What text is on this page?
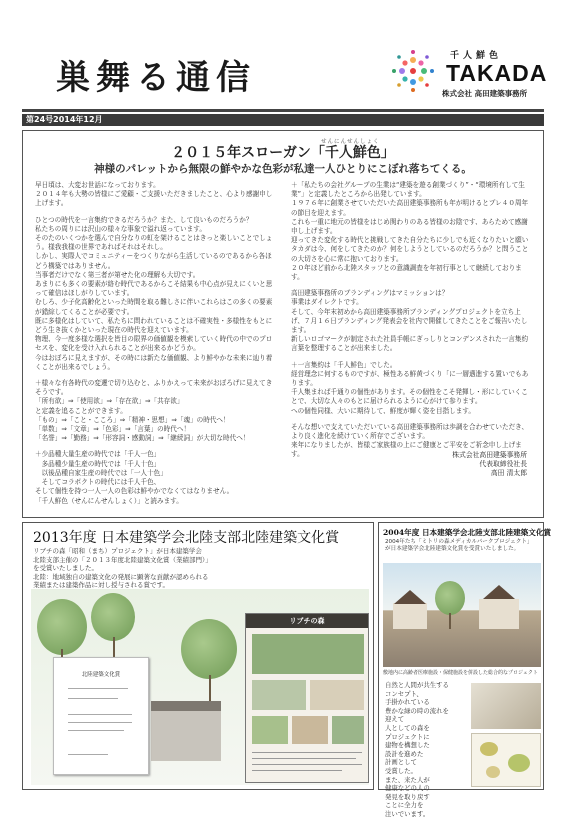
巣舞る通信
千人鮮色
TAKADA
株式会社 高田建築事務所
第24号2014年12月
せんにんせんしょく
２０１５年スローガン「千人鮮色」
神様のパレットから無限の鮮やかな色彩が私達一人ひとりにこぼれ落ちてくる。

早日頃は、大変お世話になっております。
２０１４年も大勢の皆様にご愛顧・ご支援いただきましたこと、心より感謝申し上げます。

ひとつの時代を一言集約できるだろうか？また、して良いものだろうか？
私たちの周りには沢山の様々な事象で溢れ返っています。
そのたのいくつかを選んで自分なりの虹を架けることはきっと楽しいことでしょう。様我我様の世界であればそれはそれし。
しかし、実際人でコミュニティーをつくりながら生活しているのであるから各ほどう構築ではありません。
当事者だけでなく第三者が第せた化の理解も大切です。
あまりにも多くの要素が絡む時代であるからこそ結果も中心点が見えにくいと思って確信はほしがりしています。
むしろ、少子化高齢化といった時間を取る難しさに伴いこれらはこの多くの要素が錯綜してくることが必要です。
既に多様化はしていて、私たちに問われていることは不確実性・多様性をもとにどう生き抜くかといった現在の時代を迎えています。
物理、今一度多様な選択を皆目の限界の価値観を模索していく時代の中でのプロセスを、変化を受け入れられることが出来るかどうか。
今はおぼろに見えますが、その時には新たな価値観、より鮮やかな未来に辿り着くことが出来るでしょう。

＋様々な有各時代の変遷で切り込むと、ふりかえって未来がおぼろげに見えてきそうです。
「所有欲」⇒「使用欲」⇒「存在欲」⇒「共存欲」
と定義を追ることができます。
「もの」⇒「こと・こころ」⇒「精神・思想」⇒「魂」の時代へ！
「単数」⇒「文章」⇒「色彩」⇒「言葉」の時代へ！
「名誉」⇒「勤務」⇒「形容詞・感動詞」⇒「継続詞」が大切な時代へ！

＋少品種大量生産の時代では「千人一色」
　多品種少量生産の時代では「千人十色」
　以後品種自家生産の時代では「一人十色」
　そしてコラボクトの時代には千人千色、
そして個性を持つ一人一人の色彩は鮮やかでなくてはなりません。
「千人鮮色（せんにんせんしょく）」と読みます。

＋「私たちの会社グループの生業は“建築を遊る創業づくり”・“環境所有して生業”」と定義したところから出発しています。
１９７６年に創業させていただいた高田建築事務所も年が明けるとプレ４０周年の節目を迎えます。
これも一重に地元の皆様をはじめ関わりのある皆様のお陰です、あらためて感謝申し上げます。
迎ってきた変化する時代と挑戦してきた自分たちに少しでも近くなりたいと願いタカダは今、何をしてきたのか？何をしようとしているのだろうか？と問うことの大切さを心に常に抱いております。
２０年ほど前から北陸スタッフとの意識調査を年初行事として継続しております。

高田建築事務所のブランディングはマミッションは？
事業はダイレクトです。
そして、今年末初めから高田建築事務所ブランディングプロジェクトを立ち上げ、７月１６日ブランディング発表会を社内で開催してきたことをご報告いたします。
新しいロゴマークが制定された社員手帳にぎっしりとコンデンスされた一言集約言葉を整理することが出来ました。

＋一言集約は「千人鮮色」でした。
経営理念に何するものですが、極性ある鮮黄づくり「に一層邁進する置いでもあります。
千人集まれば千通りの個性があります。その個性をこそ発揮し・形にしていくことで、大切な人々のもとに届けられるように心がけて参ります。
への個性同様、大いに期待して、鮮度が輝く姿を目指します。

そんな想いで支えていただいている高田建築事務所は歩調を合わせていただき、より良く進化を続けていく所存でございます。
来年になりましたが、皆様ご家族様の上にご健康とご平安をご祈念申し上げます。	株式会社高田建築事務所
代表取締役社長
高田 清太郎
2013年度 日本建築学会北陸支部北陸建築文化賞
リブチの森「昭和（まち）プロジェクト」が日本建築学会
北陸支部主催の「２０１３年度北陸建築文化賞（業績部門）」
を受賞いたしました。
北陸：地域独自の建築文化の発展に顕著な貢献が認められる
業績または建築作品に対し授与される賞です。
北陸建築文化賞
リブチの森
2004年度 日本建築学会北陸支部北陸建築文化賞
2004年たち「ミトリの森メディカルパークプロジェクト」
が日本建築学会北陸建築文化賞を受賞いたしました。
敷地内に高齢者医療施設・保健施設を併設した総合的なプロジェクト
自然と人間が共生する
コンセプト、
手掛かれている
豊かな緑の時の流れを
迎えて
人としての森を
プロジェクトに
建物を構想した
設計を進めた
計画として
受賞した。
また、来た人が
健康などの人の
発見を取り戻す
ことに全力を
注いでいます。
